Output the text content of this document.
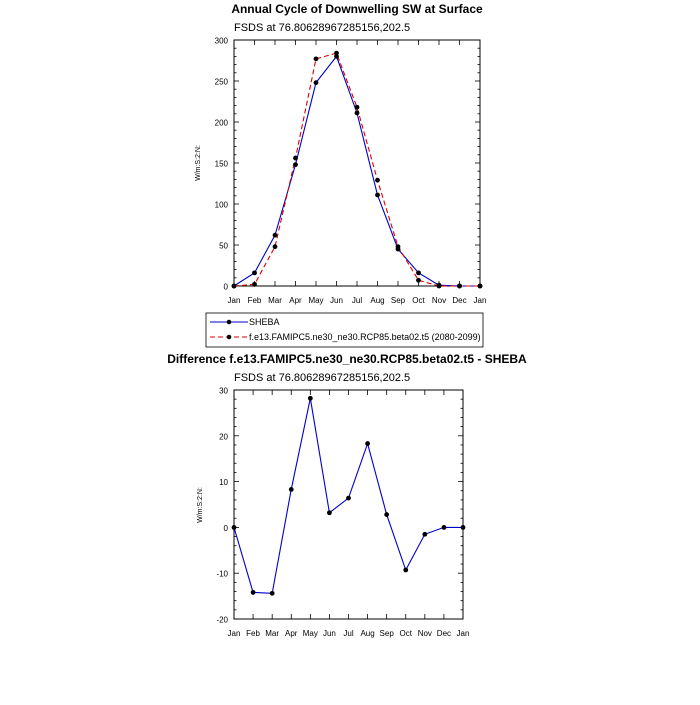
Annual Cycle of Downwelling SW at Surface
FSDS at 76.80628967285156,202.5
W/m:S:2:N:
Jan Feb Mar Apr May Jun Jul Aug Sep Oct Nov Dec Jan
0
50
100
150
200
250
300
SHEBA
f.e13.FAMIPC5.ne30_ne30.RCP85.beta02.t5 (2080-2099)
Difference f.e13.FAMIPC5.ne30_ne30.RCP85.beta02.t5 - SHEBA
FSDS at 76.80628967285156,202.5
W/m:S:2:N:
Jan Feb Mar Apr May Jun Jul Aug Sep Oct Nov Dec Jan
-20
-10
0
10
20
30
